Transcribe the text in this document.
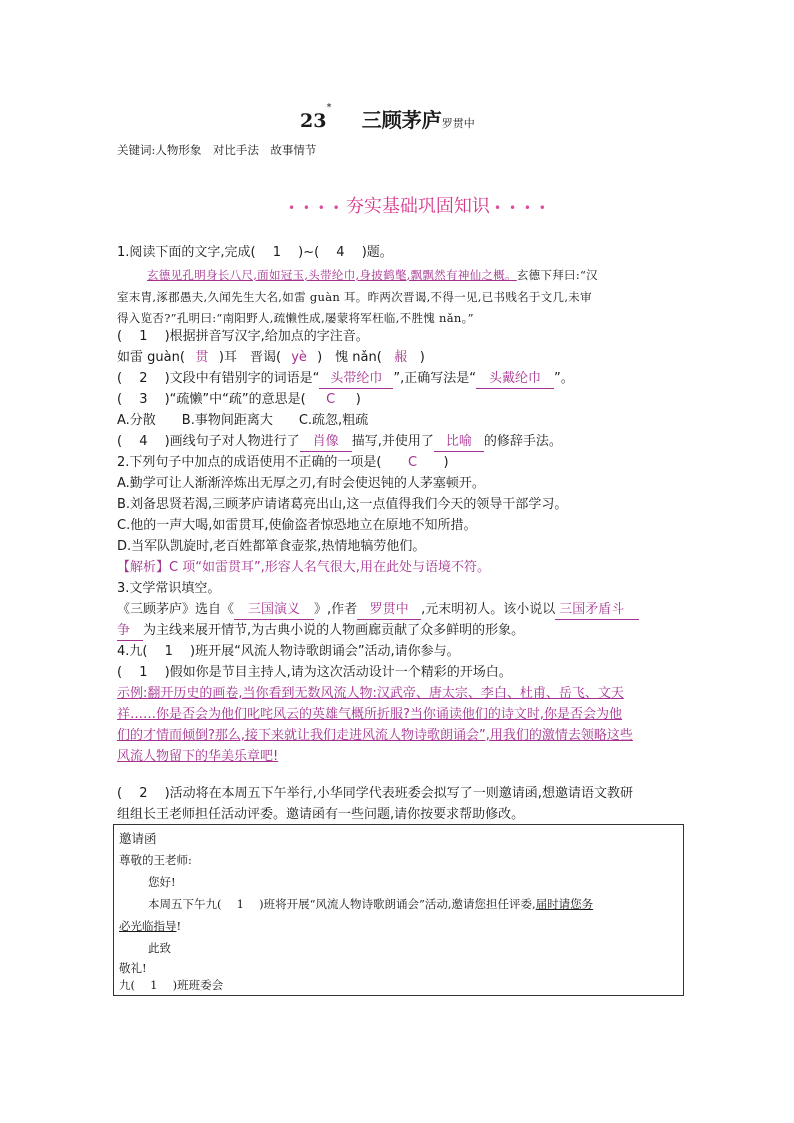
23*  三顾茅庐罗贯中
关键词:人物形象　对比手法　故事情节
• • • • 夯实基础巩固知识 • • • •
1.阅读下面的文字,完成( 　1 　)~( 　4 　)题。
玄德见孔明身长八尺,面如冠玉,头带纶巾,身披鹤氅,飘飘然有神仙之概。玄德下拜曰:“汉
室末胄,涿郡愚夫,久闻先生大名,如雷 guàn 耳。昨两次晋谒,不得一见,已书贱名于文几,未审
得入览否?”孔明曰:“南阳野人,疏懒性成,屡蒙将军枉临,不胜愧 nǎn。”
( 　1 　)根据拼音写汉字,给加点的字注音。
如雷 guàn( 贯 )耳　晋谒( yè )　愧 nǎn( 赧 )
( 　2 　)文段中有错别字的词语是“ 头带纶巾 ”,正确写法是“ 头戴纶巾 ”。
( 　3 　)“疏懒”中“疏”的意思是( C )
A.分散　　B.事物间距离大　　C.疏忽,粗疏
( 　4 　)画线句子对人物进行了 肖像 描写,并使用了 比喻 的修辞手法。
2.下列句子中加点的成语使用不正确的一项是( C )
A.勤学可让人渐渐淬炼出无厚之刃,有时会使迟钝的人茅塞顿开。
B.刘备思贤若渴,三顾茅庐请诸葛亮出山,这一点值得我们今天的领导干部学习。
C.他的一声大喝,如雷贯耳,使偷盗者惊恐地立在原地不知所措。
D.当军队凯旋时,老百姓都箪食壶浆,热情地犒劳他们。
【解析】C 项“如雷贯耳”,形容人名气很大,用在此处与语境不符。
3.文学常识填空。
《三顾茅庐》选自《 三国演义 》,作者 罗贯中 ,元末明初人。该小说以 三国矛盾斗
争 为主线来展开情节,为古典小说的人物画廊贡献了众多鲜明的形象。
4.九( 　1 　)班开展“风流人物诗歌朗诵会”活动,请你参与。
( 　1 　)假如你是节目主持人,请为这次活动设计一个精彩的开场白。
示例:翻开历史的画卷,当你看到无数风流人物:汉武帝、唐太宗、李白、杜甫、岳飞、文天
祥……你是否会为他们叱咤风云的英雄气概所折服?当你诵读他们的诗文时,你是否会为他
们的才情而倾倒?那么,接下来就让我们走进风流人物诗歌朗诵会”,用我们的激情去领略这些
风流人物留下的华美乐章吧!
( 　2 　)活动将在本周五下午举行,小华同学代表班委会拟写了一则邀请函,想邀请语文教研
组组长王老师担任活动评委。邀请函有一些问题,请你按要求帮助修改。
邀请函
尊敬的王老师:
您好!
本周五下午九( 　1 　)班将开展“风流人物诗歌朗诵会”活动,邀请您担任评委,届时请您务
必光临指导!
此致
敬礼!
九( 　1 　)班班委会
